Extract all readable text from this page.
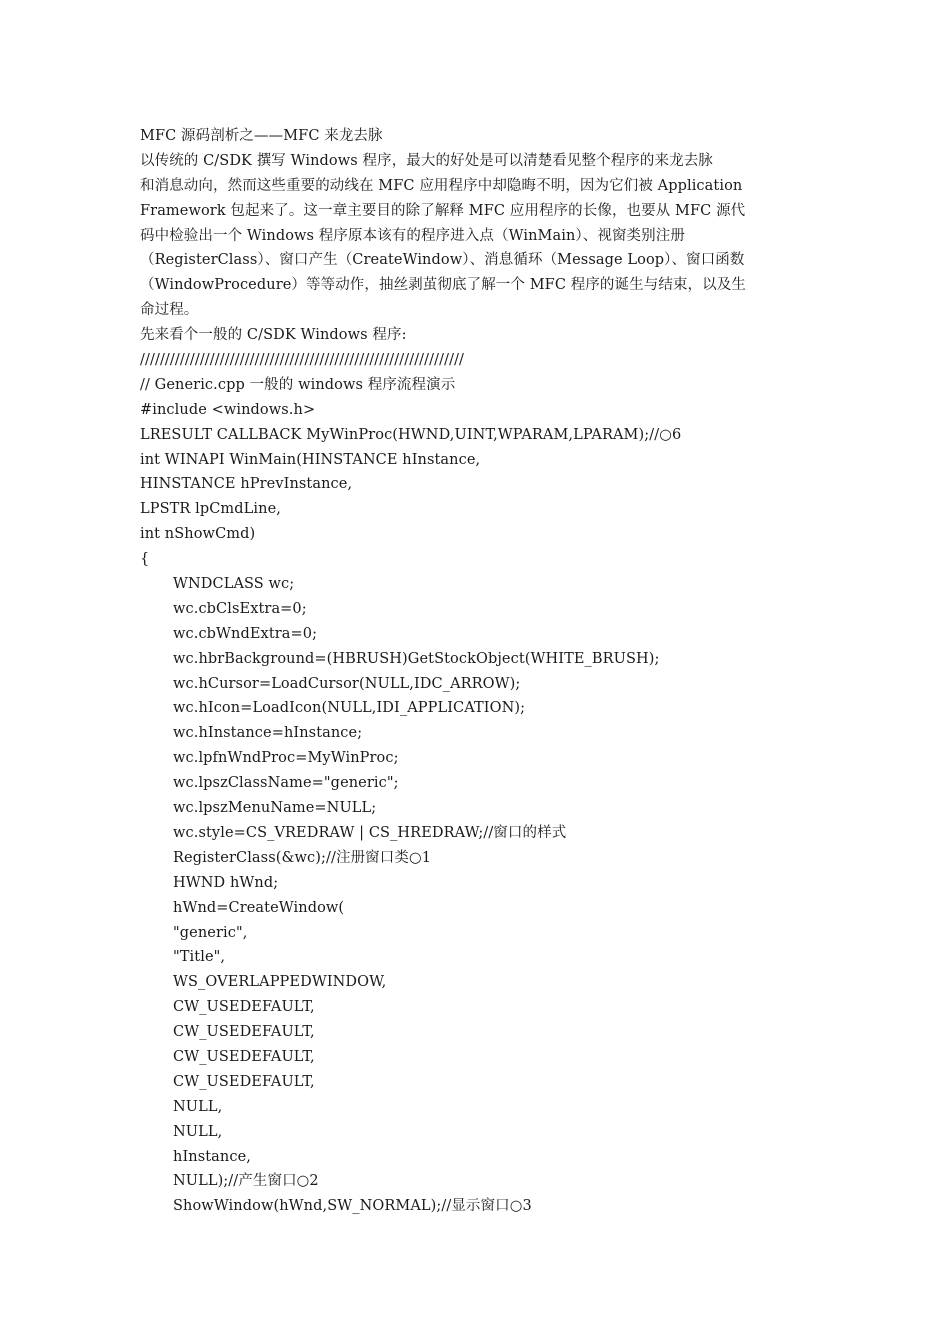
MFC 源码剖析之——MFC 来龙去脉
以传统的 C/SDK 撰写 Windows 程序，最大的好处是可以清楚看见整个程序的来龙去脉
和消息动向，然而这些重要的动线在 MFC 应用程序中却隐晦不明，因为它们被 Application
Framework 包起来了。这一章主要目的除了解释 MFC 应用程序的长像，也要从 MFC 源代
码中检验出一个 Windows 程序原本该有的程序进入点（WinMain）、视窗类别注册
（RegisterClass）、窗口产生（CreateWindow）、消息循环（Message Loop）、窗口函数
（WindowProcedure）等等动作，抽丝剥茧彻底了解一个 MFC 程序的诞生与结束，以及生
命过程。
先来看个一般的 C/SDK Windows 程序:
/////////////////////////////////////////////////////////////////
// Generic.cpp 一般的 windows 程序流程演示
#include <windows.h>
LRESULT CALLBACK MyWinProc(HWND,UINT,WPARAM,LPARAM);//○6
int WINAPI WinMain(HINSTANCE hInstance,
HINSTANCE hPrevInstance,
LPSTR lpCmdLine,
int nShowCmd)
{
WNDCLASS wc;
wc.cbClsExtra=0;
wc.cbWndExtra=0;
wc.hbrBackground=(HBRUSH)GetStockObject(WHITE_BRUSH);
wc.hCursor=LoadCursor(NULL,IDC_ARROW);
wc.hIcon=LoadIcon(NULL,IDI_APPLICATION);
wc.hInstance=hInstance;
wc.lpfnWndProc=MyWinProc;
wc.lpszClassName="generic";
wc.lpszMenuName=NULL;
wc.style=CS_VREDRAW | CS_HREDRAW;//窗口的样式
RegisterClass(&wc);//注册窗口类○1
HWND hWnd;
hWnd=CreateWindow(
"generic",
"Title",
WS_OVERLAPPEDWINDOW,
CW_USEDEFAULT,
CW_USEDEFAULT,
CW_USEDEFAULT,
CW_USEDEFAULT,
NULL,
NULL,
hInstance,
NULL);//产生窗口○2
ShowWindow(hWnd,SW_NORMAL);//显示窗口○3
